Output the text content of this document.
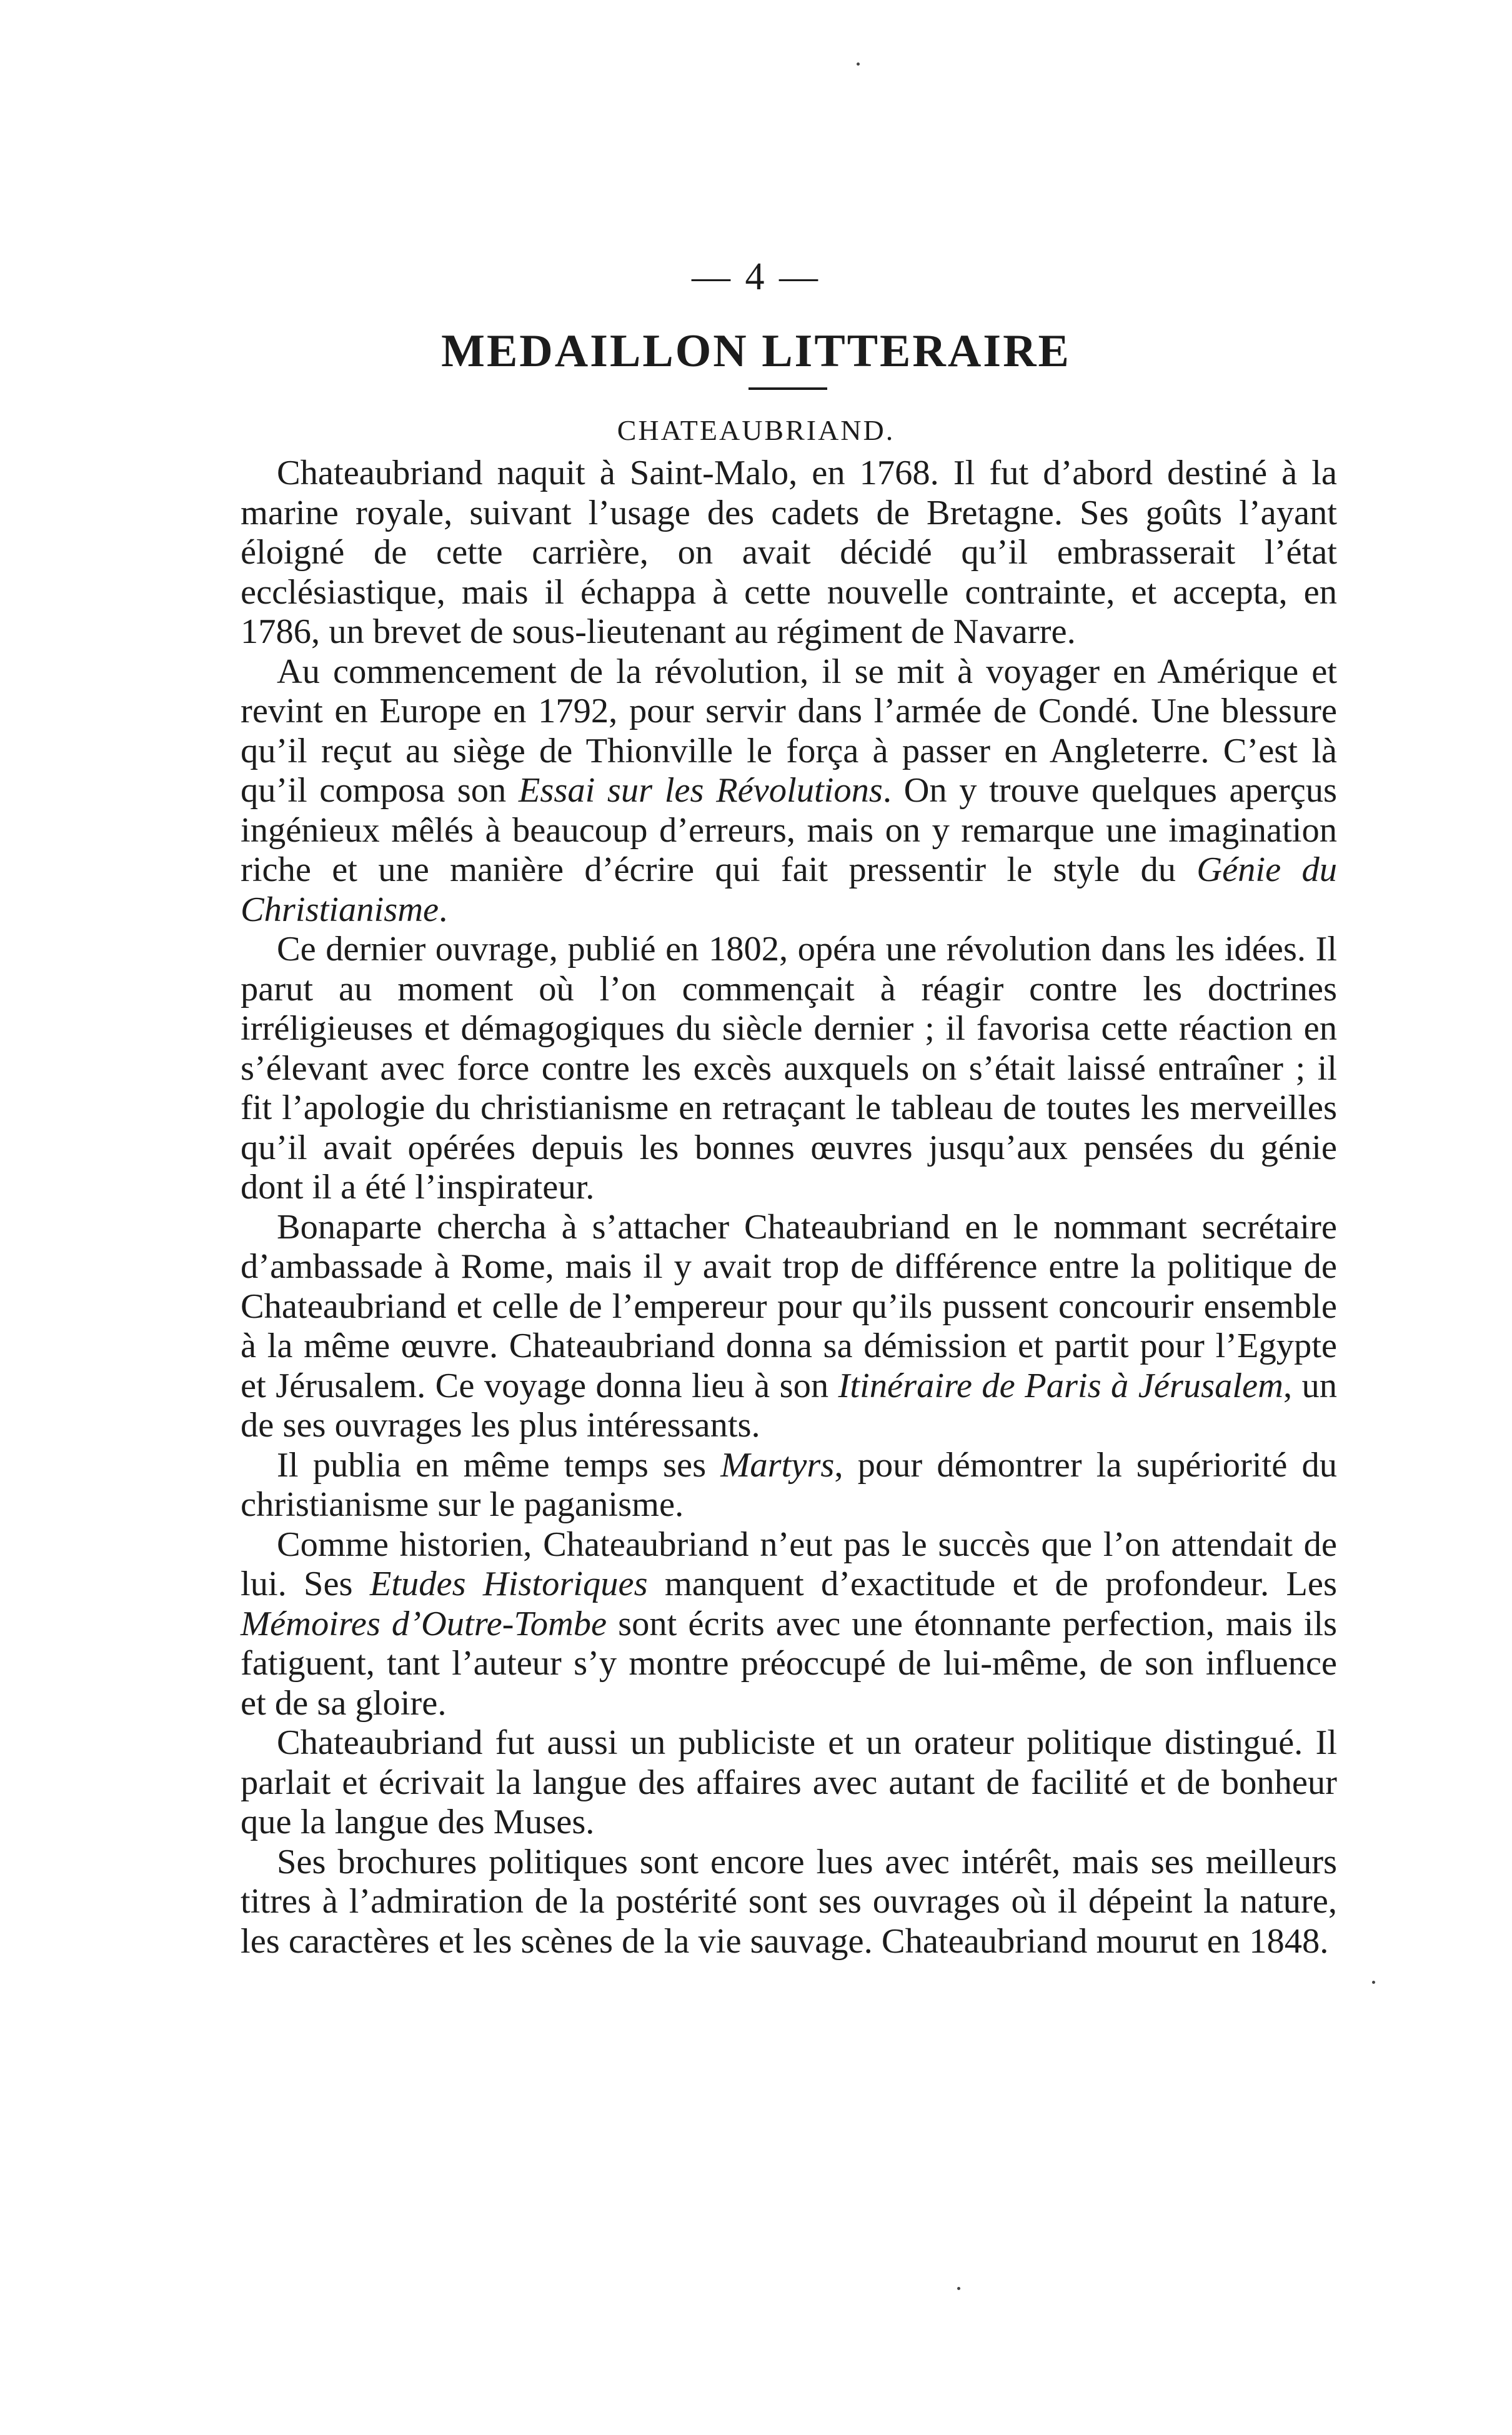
— 4 —
MEDAILLON LITTERAIRE
CHATEAUBRIAND.

Chateaubriand naquit à Saint-Malo, en 1768. Il fut d’abord destiné à la marine royale, suivant l’usage des cadets de Bretagne. Ses goûts l’ayant éloigné de cette carrière, on avait décidé qu’il embrasserait l’état ecclésiastique, mais il échappa à cette nouvelle contrainte, et accepta, en 1786, un brevet de sous-lieutenant au régiment de Navarre.

Au commencement de la révolution, il se mit à voyager en Amérique et revint en Europe en 1792, pour servir dans l’armée de Condé. Une blessure qu’il reçut au siège de Thionville le força à passer en Angleterre. C’est là qu’il composa son Essai sur les Révolutions. On y trouve quelques aperçus ingénieux mêlés à beaucoup d’erreurs, mais on y remarque une imagination riche et une manière d’écrire qui fait pressentir le style du Génie du Christianisme.

Ce dernier ouvrage, publié en 1802, opéra une révolution dans les idées. Il parut au moment où l’on commençait à réagir contre les doctrines irréligieuses et démagogiques du siècle dernier ; il favorisa cette réaction en s’élevant avec force contre les excès auxquels on s’était laissé entraîner ; il fit l’apologie du christianisme en retraçant le tableau de toutes les merveilles qu’il avait opérées depuis les bonnes œuvres jusqu’aux pensées du génie dont il a été l’inspirateur.

Bonaparte chercha à s’attacher Chateaubriand en le nommant secrétaire d’ambassade à Rome, mais il y avait trop de différence entre la politique de Chateaubriand et celle de l’empereur pour qu’ils pussent concourir ensemble à la même œuvre. Chateaubriand donna sa démission et partit pour l’Egypte et Jérusalem. Ce voyage donna lieu à son Itinéraire de Paris à Jérusalem, un de ses ouvrages les plus intéressants.

Il publia en même temps ses Martyrs, pour démontrer la supériorité du christianisme sur le paganisme.

Comme historien, Chateaubriand n’eut pas le succès que l’on attendait de lui. Ses Etudes Historiques manquent d’exactitude et de profondeur. Les Mémoires d’Outre-Tombe sont écrits avec une étonnante perfection, mais ils fatiguent, tant l’auteur s’y montre préoccupé de lui-même, de son influence et de sa gloire.

Chateaubriand fut aussi un publiciste et un orateur politique distingué. Il parlait et écrivait la langue des affaires avec autant de facilité et de bonheur que la langue des Muses.

Ses brochures politiques sont encore lues avec intérêt, mais ses meilleurs titres à l’admiration de la postérité sont ses ouvrages où il dépeint la nature, les caractères et les scènes de la vie sauvage. Chateaubriand mourut en 1848.
